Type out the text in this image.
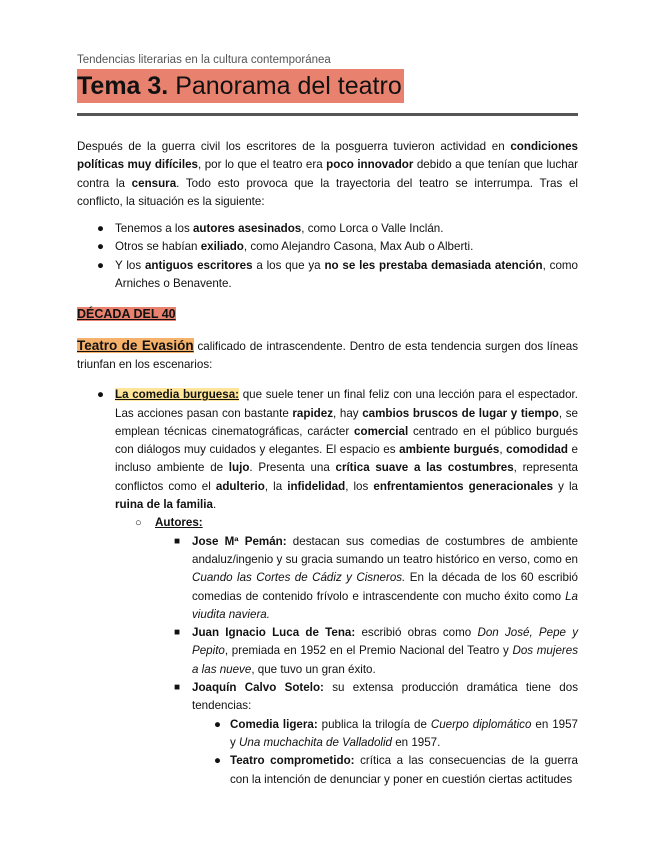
Tendencias literarias en la cultura contemporánea
Tema 3. Panorama del teatro

Después de la guerra civil los escritores de la posguerra tuvieron actividad en condiciones políticas muy difíciles, por lo que el teatro era poco innovador debido a que tenían que luchar contra la censura. Todo esto provoca que la trayectoria del teatro se interrumpa. Tras el conflicto, la situación es la siguiente:

● Tenemos a los autores asesinados, como Lorca o Valle Inclán.
● Otros se habían exiliado, como Alejandro Casona, Max Aub o Alberti.
● Y los antiguos escritores a los que ya no se les prestaba demasiada atención, como Arniches o Benavente.
DÉCADA DEL 40

Teatro de Evasión calificado de intrascendente. Dentro de esta tendencia surgen dos líneas triunfan en los escenarios:

● La comedia burguesa: que suele tener un final feliz con una lección para el espectador. Las acciones pasan con bastante rapidez, hay cambios bruscos de lugar y tiempo, se emplean técnicas cinematográficas, carácter comercial centrado en el público burgués con diálogos muy cuidados y elegantes. El espacio es ambiente burgués, comodidad e incluso ambiente de lujo. Presenta una crítica suave a las costumbres, representa conflictos como el adulterio, la infidelidad, los enfrentamientos generacionales y la ruina de la familia.
○ Autores:
■ Jose Mª Pemán: destacan sus comedias de costumbres de ambiente andaluz/ingenio y su gracia sumando un teatro histórico en verso, como en Cuando las Cortes de Cádiz y Cisneros. En la década de los 60 escribió comedias de contenido frívolo e intrascendente con mucho éxito como La viudita naviera.
■ Juan Ignacio Luca de Tena: escribió obras como Don José, Pepe y Pepito, premiada en 1952 en el Premio Nacional del Teatro y Dos mujeres a las nueve, que tuvo un gran éxito.
■ Joaquín Calvo Sotelo: su extensa producción dramática tiene dos tendencias:
● Comedia ligera: publica la trilogía de Cuerpo diplomático en 1957 y Una muchachita de Valladolid en 1957.
● Teatro comprometido: crítica a las consecuencias de la guerra con la intención de denunciar y poner en cuestión ciertas actitudes
